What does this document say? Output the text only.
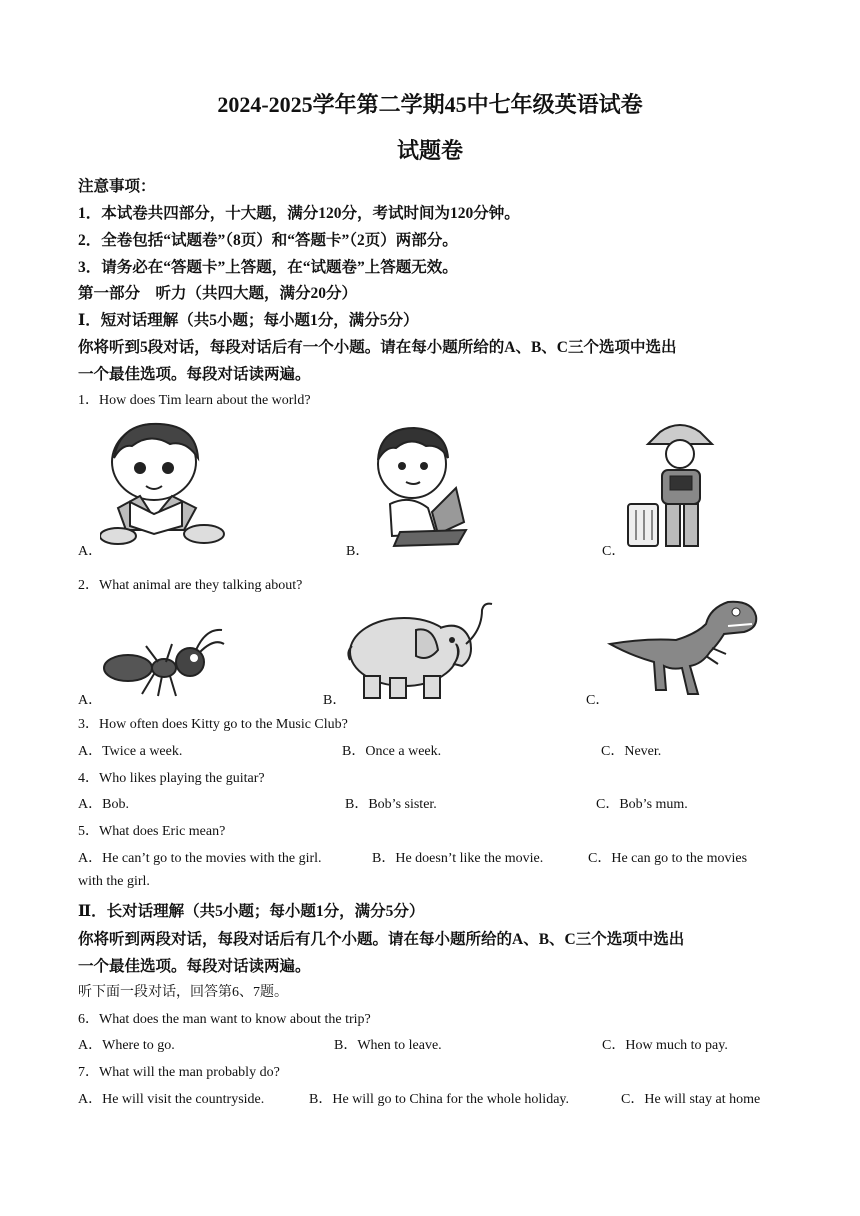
2024-2025学年第二学期45中七年级英语试卷
试题卷
注意事项：
1．本试卷共四部分，十大题，满分120分，考试时间为120分钟。
2．全卷包括“试题卷”（8页）和“答题卡”（2页）两部分。
3．请务必在“答题卡”上答题，在“试题卷”上答题无效。
第一部分　听力（共四大题，满分20分）
Ⅰ．短对话理解（共5小题；每小题1分，满分5分）
你将听到5段对话，每段对话后有一个小题。请在每小题所给的A、B、C三个选项中选出
一个最佳选项。每段对话读两遍。
1．How does Tim learn about the world?
A．	B．	C．
2．What animal are they talking about?
A．	B．	C．
3．How often does Kitty go to the Music Club?
A．Twice a week.	B．Once a week.	C．Never.
4．Who likes playing the guitar?
A．Bob.	B．Bob’s sister.	C．Bob’s mum.
5．What does Eric mean?
A．He can’t go to the movies with the girl.	B．He doesn’t like the movie.	C．He can go to the movies
with the girl.
Ⅱ．长对话理解（共5小题；每小题1分，满分5分）
你将听到两段对话，每段对话后有几个小题。请在每小题所给的A、B、C三个选项中选出
一个最佳选项。每段对话读两遍。
听下面一段对话，回答第6、7题。
6．What does the man want to know about the trip?
A．Where to go.	B．When to leave.	C．How much to pay.
7．What will the man probably do?
A．He will visit the countryside.	B．He will go to China for the whole holiday.	C．He will stay at home
